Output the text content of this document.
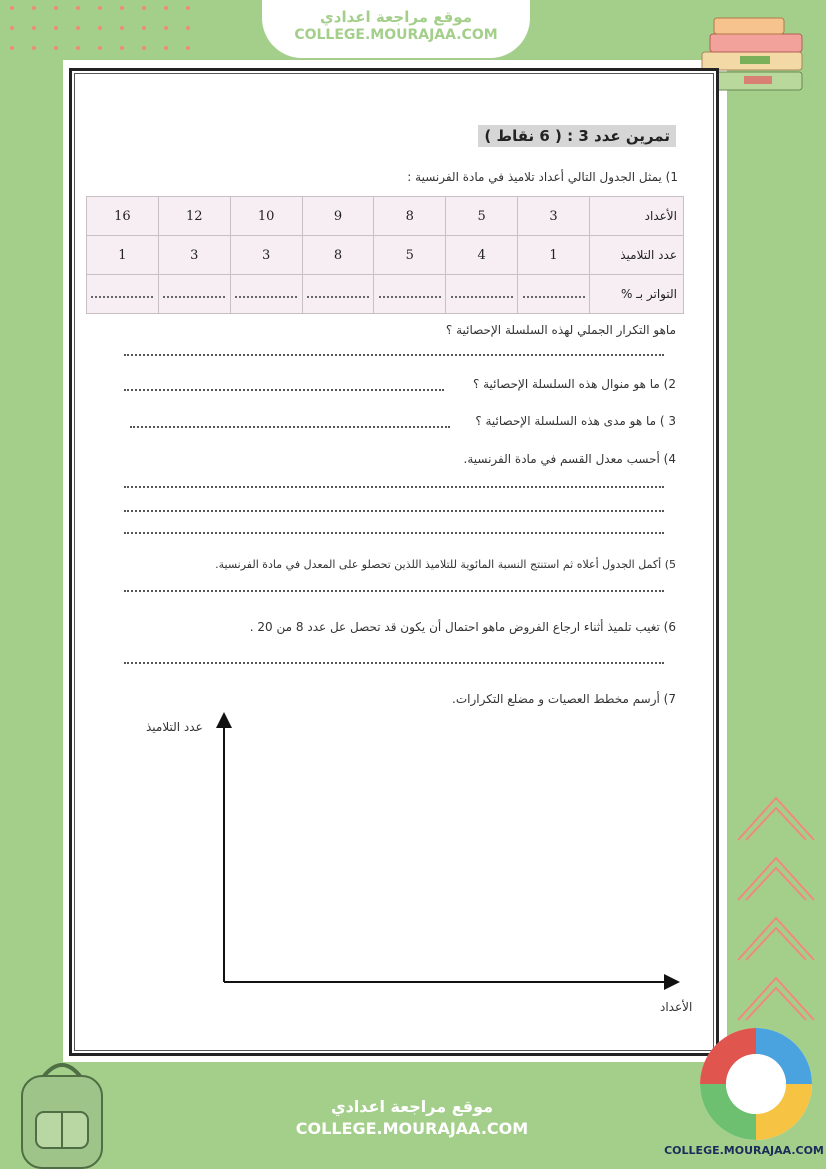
موقع مراجعة اعدادي
COLLEGE.MOURAJAA.COM
تمرين عدد 3 : ( 6 نقاط )
1) يمثل الجدول التالي أعداد تلاميذ في مادة الفرنسية :
16	12	10	9	8	5	3	الأعداد
1	3	3	8	5	4	1	عدد التلاميذ
							التواتر بـ %
ماهو التكرار الجملي لهذه السلسلة الإحصائية ؟
2) ما هو منوال هذه السلسلة الإحصائية ؟
3 ) ما هو مدى هذه السلسلة الإحصائية ؟
4) أحسب معدل القسم في مادة الفرنسية.
5) أكمل الجدول أعلاه ثم استنتج النسبة المائوية للتلاميذ اللذين تحصلو على المعدل في مادة الفرنسية.
6) تغيب تلميذ أثناء ارجاع الفروض ماهو احتمال أن يكون قد تحصل عل عدد 8 من 20 .
7) أرسم مخطط العصيات و مضلع التكرارات.
عدد التلاميذ
الأعداد
موقع مراجعة اعدادي
COLLEGE.MOURAJAA.COM
COLLEGE.MOURAJAA.COM
